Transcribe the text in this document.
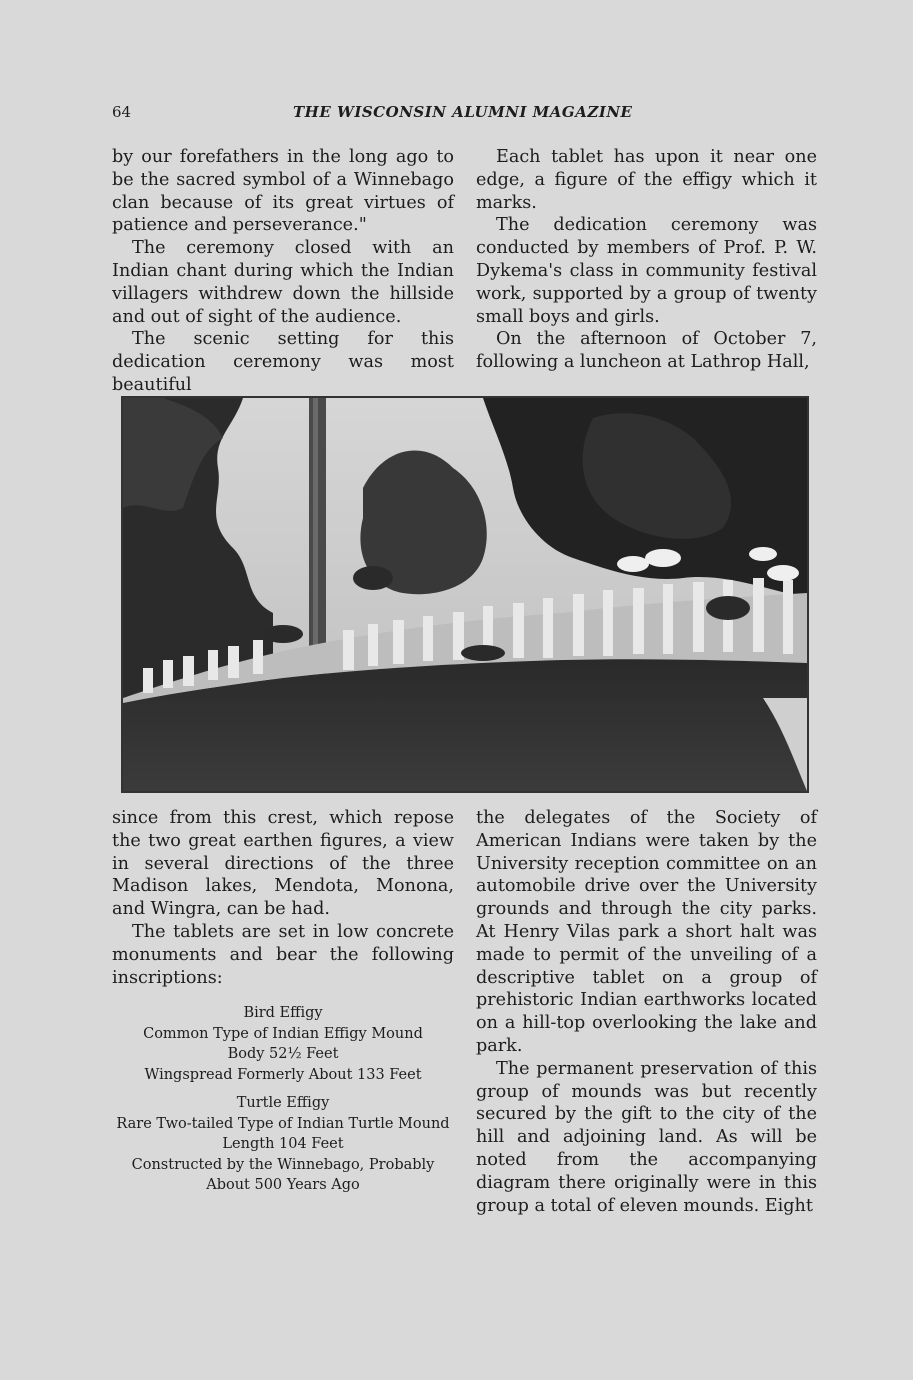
64	THE WISCONSIN ALUMNI MAGAZINE

by our forefathers in the long ago to be the sacred symbol of a Winnebago clan because of its great virtues of patience and perseverance."

The ceremony closed with an Indian chant during which the Indian villagers withdrew down the hillside and out of sight of the audience.

The scenic setting for this dedication ceremony was most beautiful

Each tablet has upon it near one edge, a figure of the effigy which it marks.

The dedication ceremony was conducted by members of Prof. P. W. Dykema's class in community festival work, supported by a group of twenty small boys and girls.

On the afternoon of October 7, following a luncheon at Lathrop Hall,

since from this crest, which repose the two great earthen figures, a view in several directions of the three Madison lakes, Mendota, Monona, and Wingra, can be had.

The tablets are set in low concrete monuments and bear the following inscriptions:

Bird Effigy
Common Type of Indian Effigy Mound
Body 52½ Feet
Wingspread Formerly About 133 Feet
Turtle Effigy
Rare Two-tailed Type of Indian Turtle Mound
Length 104 Feet
Constructed by the Winnebago, Probably About 500 Years Ago

the delegates of the Society of American Indians were taken by the University reception committee on an automobile drive over the University grounds and through the city parks. At Henry Vilas park a short halt was made to permit of the unveiling of a descriptive tablet on a group of prehistoric Indian earthworks located on a hill-top overlooking the lake and park.

The permanent preservation of this group of mounds was but recently secured by the gift to the city of the hill and adjoining land. As will be noted from the accompanying diagram there originally were in this group a total of eleven mounds. Eight
